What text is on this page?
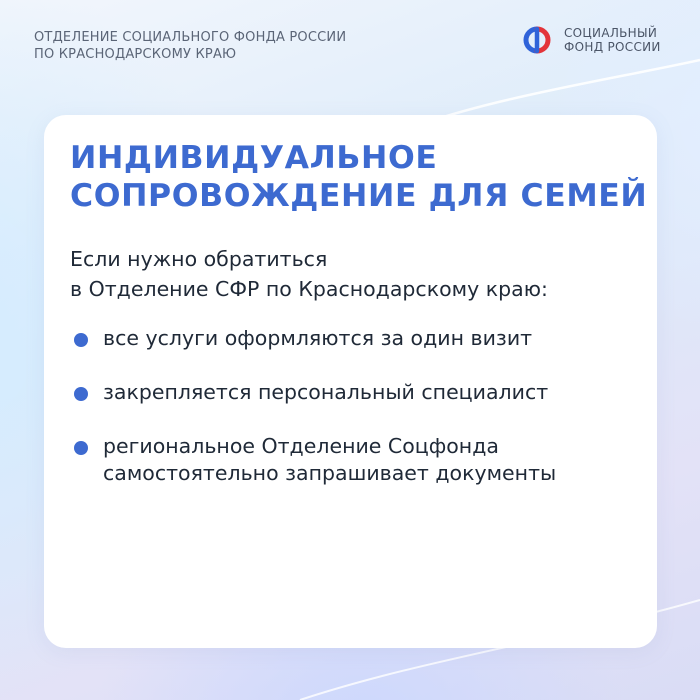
ОТДЕЛЕНИЕ СОЦИАЛЬНОГО ФОНДА РОССИИ
ПО КРАСНОДАРСКОМУ КРАЮ
СОЦИАЛЬНЫЙ
ФОНД РОССИИ
ИНДИВИДУАЛЬНОЕ
СОПРОВОЖДЕНИЕ ДЛЯ СЕМЕЙ
Если нужно обратиться
в Отделение СФР по Краснодарскому краю:
все услуги оформляются за один визит
закрепляется персональный специалист
региональное Отделение Соцфонда
самостоятельно запрашивает документы
